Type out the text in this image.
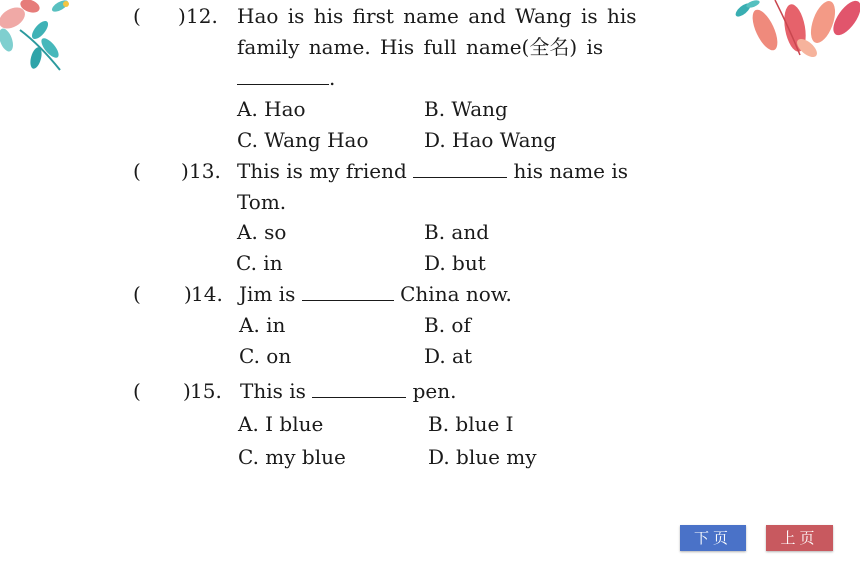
( ) 12. Hao is his first name and Wang is his
family name. His full name(全名) is
.
A. Hao	B. Wang
C. Wang Hao	D. Hao Wang
( ) 13. This is my friend	his name is
Tom.
A. so	B. and
C. in	D. but
( ) 14. Jim is	China now.
A. in	B. of
C. on	D. at
( ) 15. This is	pen.
A. I blue	B. blue I
C. my blue	D. blue my
下页	上页
